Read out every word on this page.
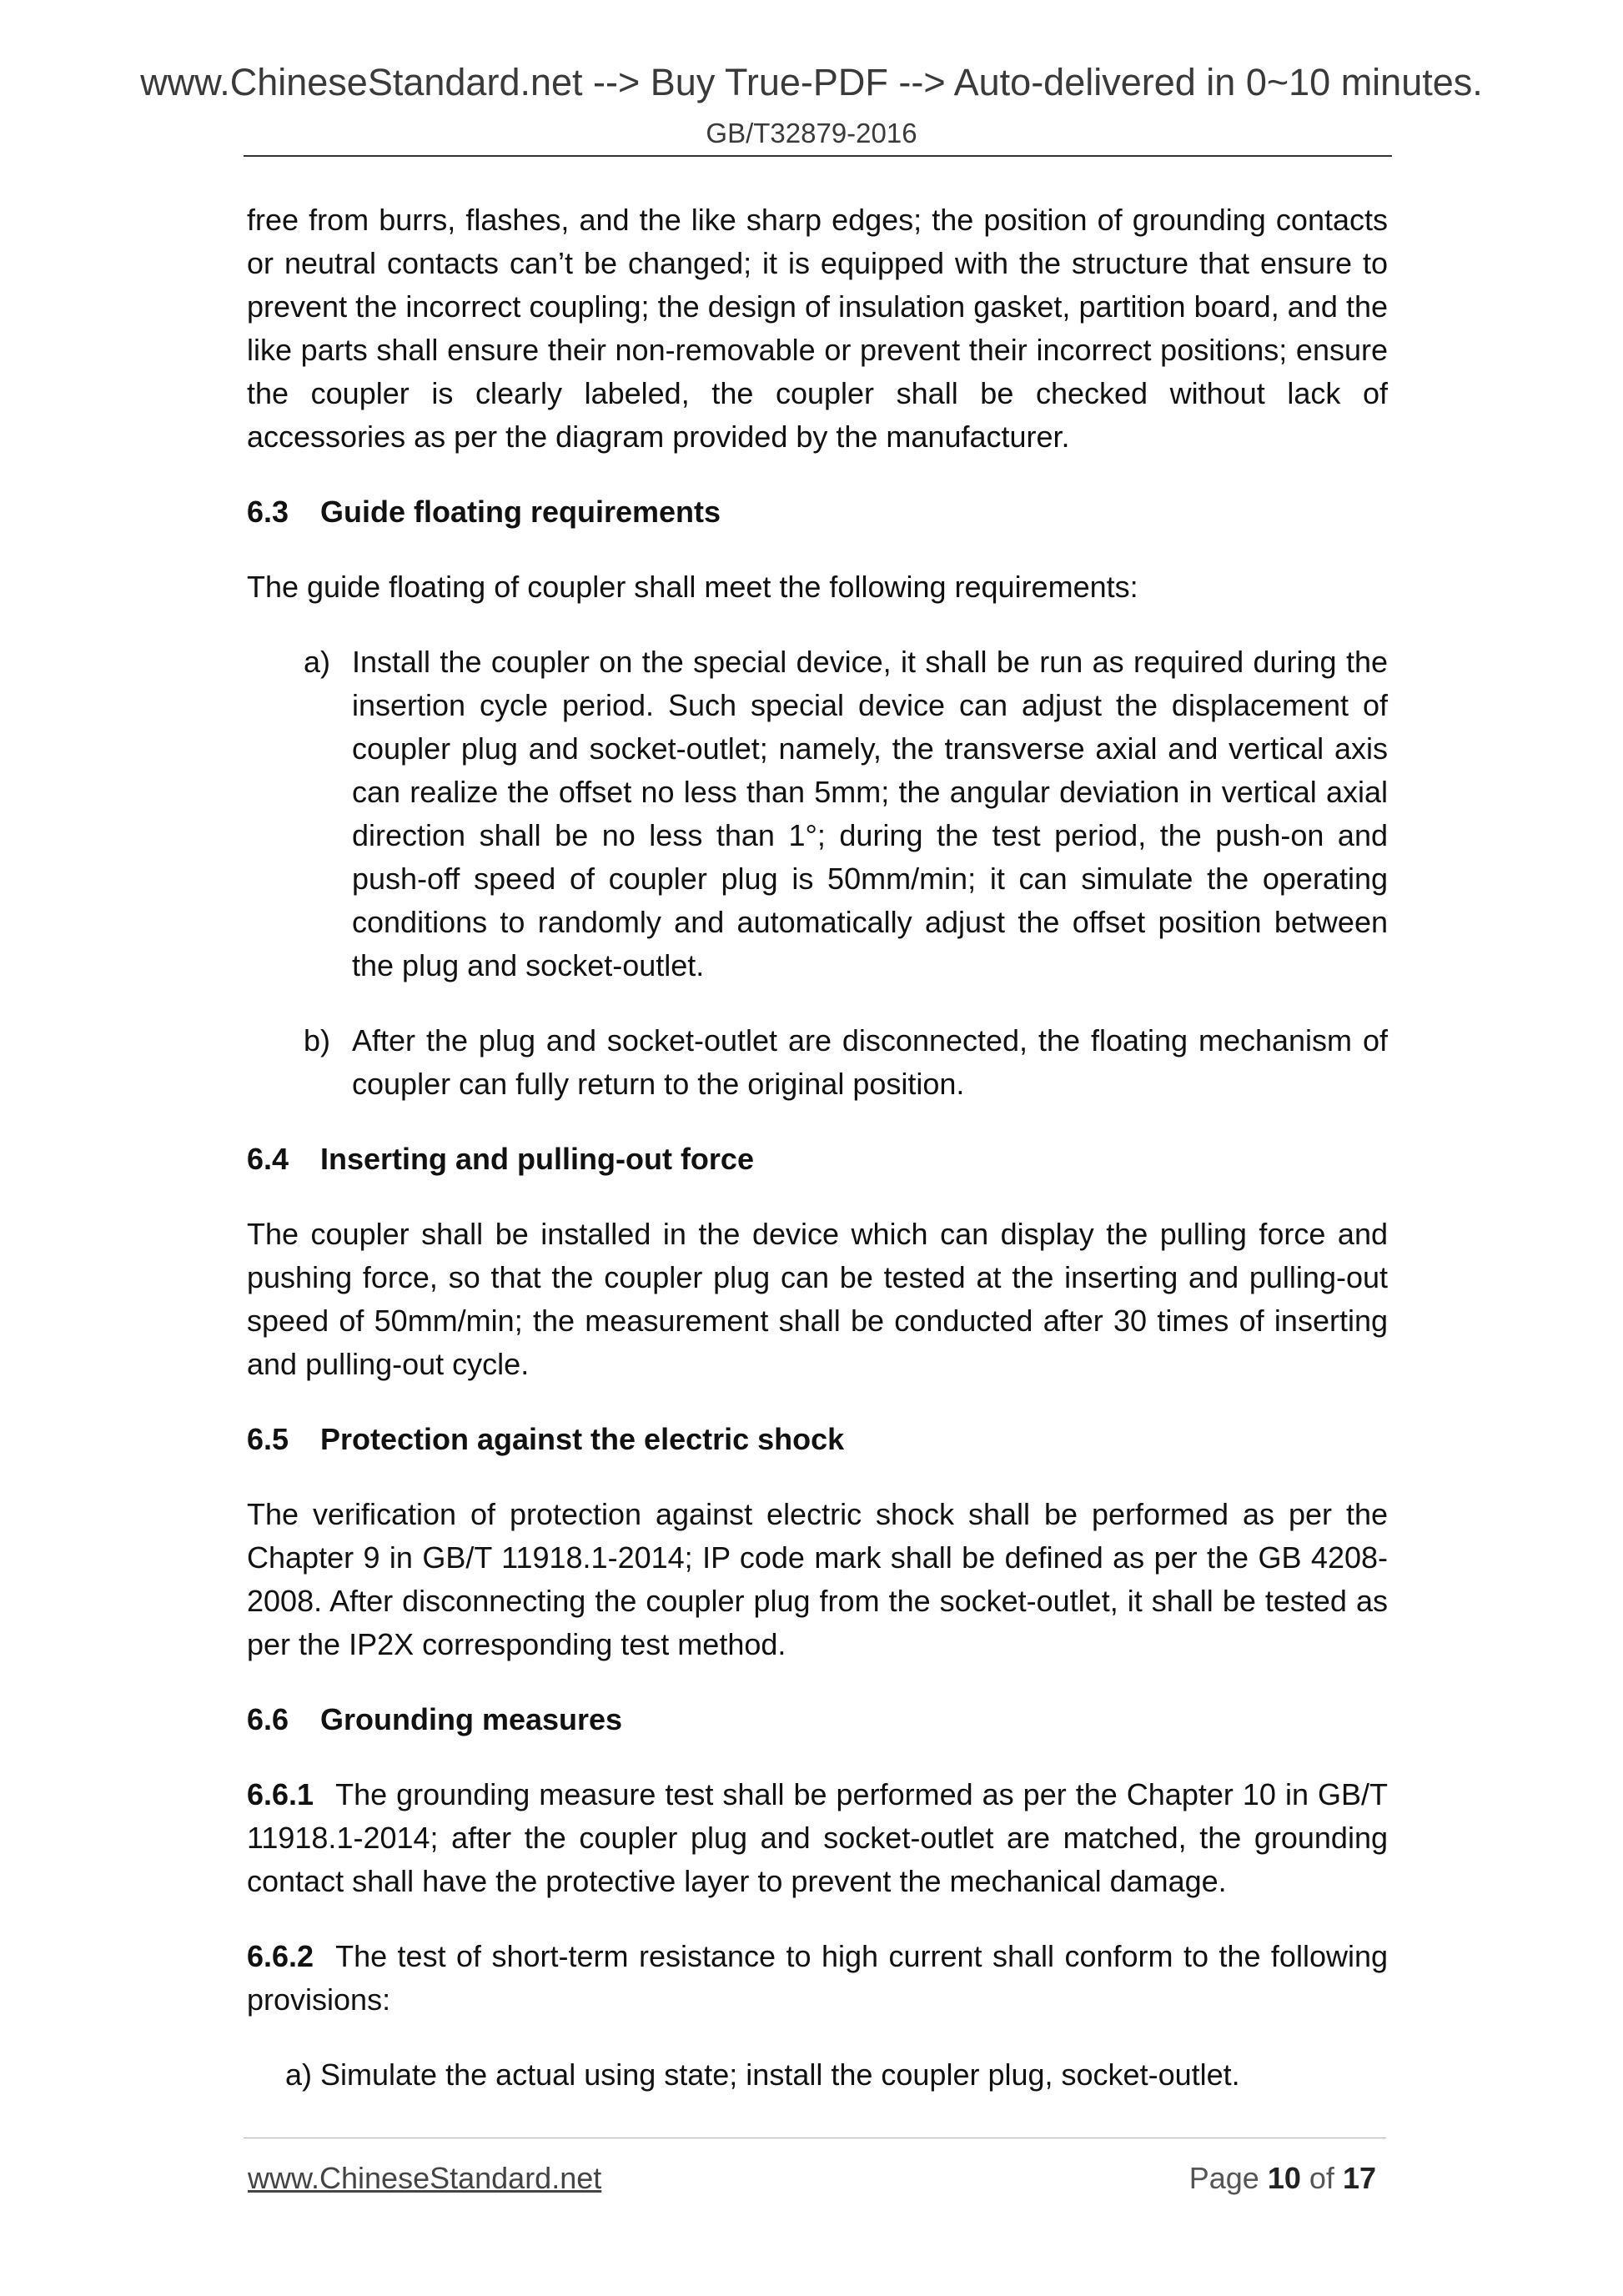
www.ChineseStandard.net --> Buy True-PDF --> Auto-delivered in 0~10 minutes.
GB/T32879-2016

free from burrs, flashes, and the like sharp edges; the position of grounding contacts or neutral contacts can’t be changed; it is equipped with the structure that ensure to prevent the incorrect coupling; the design of insulation gasket, partition board, and the like parts shall ensure their non-removable or prevent their incorrect positions; ensure the coupler is clearly labeled, the coupler shall be checked without lack of accessories as per the diagram provided by the manufacturer.

6.3 Guide floating requirements

The guide floating of coupler shall meet the following requirements:

a) Install the coupler on the special device, it shall be run as required during the insertion cycle period. Such special device can adjust the displacement of coupler plug and socket-outlet; namely, the transverse axial and vertical axis can realize the offset no less than 5mm; the angular deviation in vertical axial direction shall be no less than 1°; during the test period, the push-on and push-off speed of coupler plug is 50mm/min; it can simulate the operating conditions to randomly and automatically adjust the offset position between the plug and socket-outlet.
b) After the plug and socket-outlet are disconnected, the floating mechanism of coupler can fully return to the original position.

6.4 Inserting and pulling-out force

The coupler shall be installed in the device which can display the pulling force and pushing force, so that the coupler plug can be tested at the inserting and pulling-out speed of 50mm/min; the measurement shall be conducted after 30 times of inserting and pulling-out cycle.

6.5 Protection against the electric shock

The verification of protection against electric shock shall be performed as per the Chapter 9 in GB/T 11918.1-2014; IP code mark shall be defined as per the GB 4208-2008. After disconnecting the coupler plug from the socket-outlet, it shall be tested as per the IP2X corresponding test method.

6.6 Grounding measures

6.6.1 The grounding measure test shall be performed as per the Chapter 10 in GB/T 11918.1-2014; after the coupler plug and socket-outlet are matched, the grounding contact shall have the protective layer to prevent the mechanical damage.

6.6.2 The test of short-term resistance to high current shall conform to the following provisions:

a) Simulate the actual using state; install the coupler plug, socket-outlet.

www.ChineseStandard.net	Page 10 of 17
